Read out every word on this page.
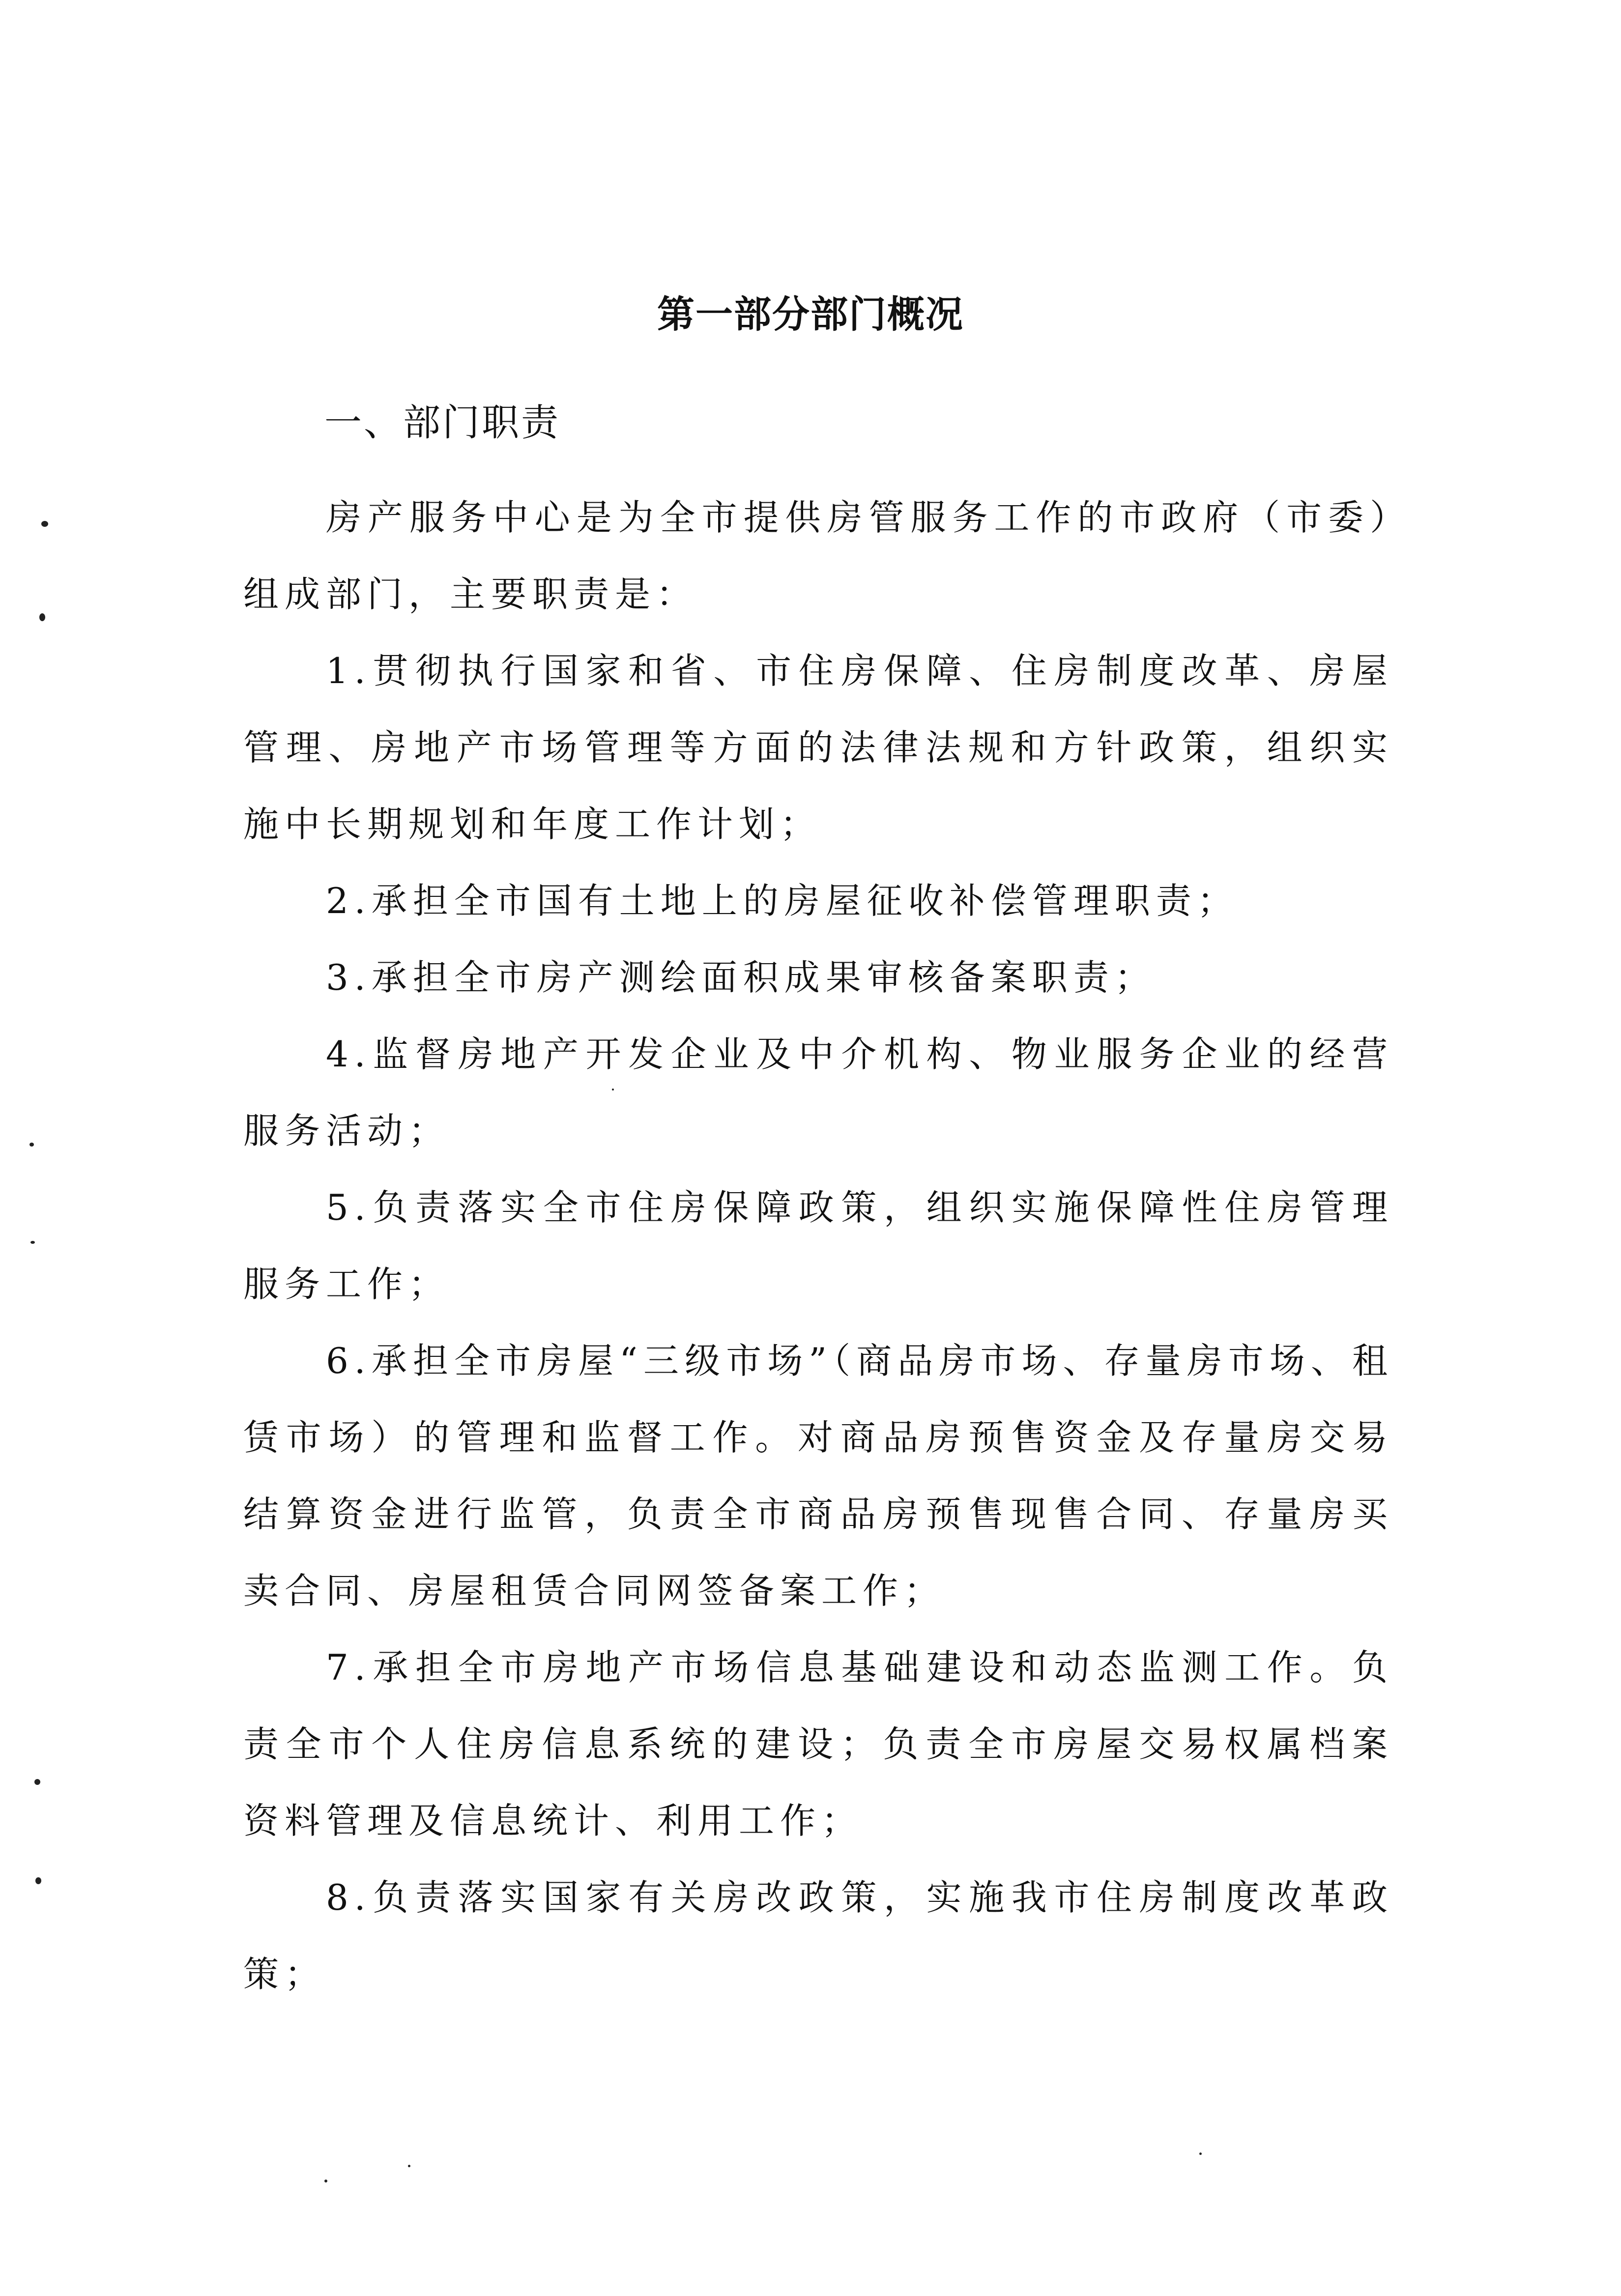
第一部分部门概况
一、部门职责

房产服务中心是为全市提供房管服务工作的市政府（市委）组成部门，主要职责是：

1.贯彻执行国家和省、市住房保障、住房制度改革、房屋管理、房地产市场管理等方面的法律法规和方针政策，组织实施中长期规划和年度工作计划；

2.承担全市国有土地上的房屋征收补偿管理职责；

3.承担全市房产测绘面积成果审核备案职责；

4.监督房地产开发企业及中介机构、物业服务企业的经营服务活动；

5.负责落实全市住房保障政策，组织实施保障性住房管理服务工作；

6.承担全市房屋“三级市场”（商品房市场、存量房市场、租赁市场）的管理和监督工作。对商品房预售资金及存量房交易结算资金进行监管，负责全市商品房预售现售合同、存量房买卖合同、房屋租赁合同网签备案工作；

7.承担全市房地产市场信息基础建设和动态监测工作。负责全市个人住房信息系统的建设；负责全市房屋交易权属档案资料管理及信息统计、利用工作；

8.负责落实国家有关房改政策，实施我市住房制度改革政策；
